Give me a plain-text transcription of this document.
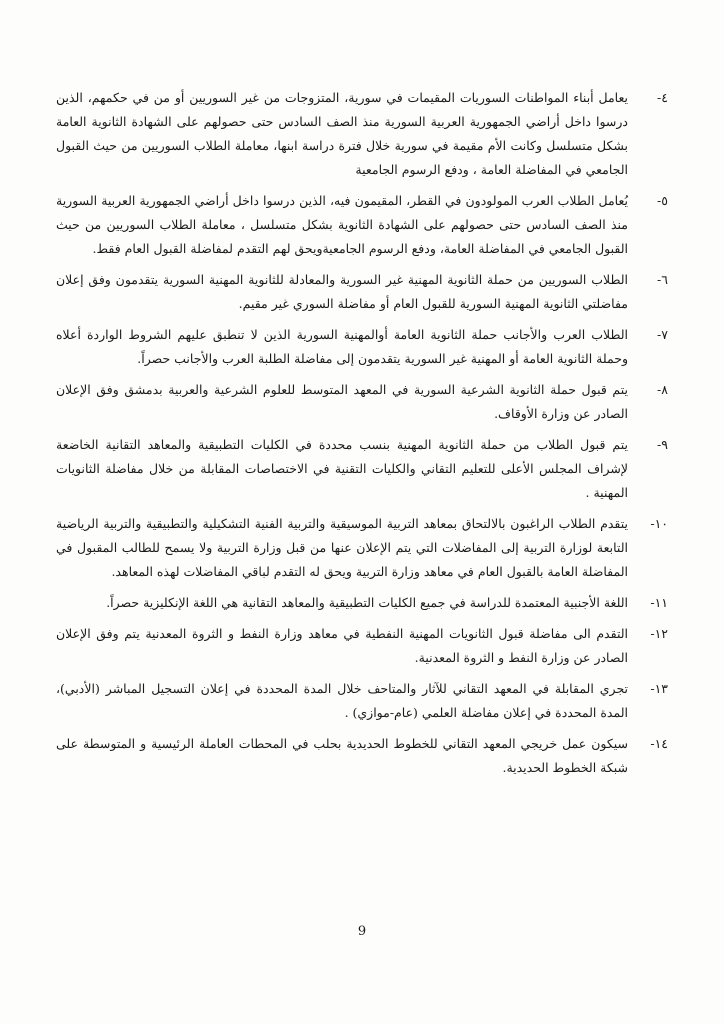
٤-

يعامل أبناء المواطنات السوريات المقيمات في سورية، المتزوجات من غير السوريين أو من في حكمهم، الذين درسوا داخل أراضي الجمهورية العربية السورية منذ الصف السادس حتى حصولهم على الشهادة الثانوية العامة بشكل متسلسل وكانت الأم مقيمة في سورية خلال فترة دراسة ابنها، معاملة الطلاب السوريين من حيث القبول الجامعي في المفاضلة العامة ، ودفع الرسوم الجامعية

٥-

يُعامل الطلاب العرب المولودون في القطر، المقيمون فيه، الذين درسوا داخل أراضي الجمهورية العربية السورية منذ الصف السادس حتى حصولهم على الشهادة الثانوية بشكل متسلسل ، معاملة الطلاب السوريين من حيث القبول الجامعي في المفاضلة العامة، ودفع الرسوم الجامعيةويحق لهم التقدم لمفاضلة القبول العام فقط.

٦-

الطلاب السوريين من حملة الثانوية المهنية غير السورية والمعادلة للثانوية المهنية السورية يتقدمون وفق إعلان مفاضلتي الثانوية المهنية السورية للقبول العام أو مفاضلة السوري غير مقيم.

٧-

الطلاب العرب والأجانب حملة الثانوية العامة أوالمهنية السورية الذين لا تنطبق عليهم الشروط الواردة أعلاه وحملة الثانوية العامة أو المهنية غير السورية يتقدمون إلى مفاضلة الطلبة العرب والأجانب حصراً.

٨-

يتم قبول حملة الثانوية الشرعية السورية في المعهد المتوسط للعلوم الشرعية والعربية بدمشق وفق الإعلان الصادر عن وزارة الأوقاف.

٩-

يتم قبول الطلاب من حملة الثانوية المهنية بنسب محددة في الكليات التطبيقية والمعاهد التقانية الخاضعة لإشراف المجلس الأعلى للتعليم التقاني والكليات التقنية في الاختصاصات المقابلة من خلال مفاضلة الثانويات المهنية .

١٠-

يتقدم الطلاب الراغبون بالالتحاق بمعاهد التربية الموسيقية والتربية الفنية التشكيلية والتطبيقية والتربية الرياضية التابعة لوزارة التربية إلى المفاضلات التي يتم الإعلان عنها من قبل وزارة التربية ولا يسمح للطالب المقبول في المفاضلة العامة بالقبول العام في معاهد وزارة التربية ويحق له التقدم لباقي المفاضلات لهذه المعاهد.

١١-

اللغة الأجنبية المعتمدة للدراسة في جميع الكليات التطبيقية والمعاهد التقانية هي اللغة الإنكليزية حصراً.

١٢-

التقدم الى مفاضلة قبول الثانويات المهنية النفطية في معاهد وزارة النفط و الثروة المعدنية يتم وفق الإعلان الصادر عن وزارة النفط و الثروة المعدنية.

١٣-

تجري المقابلة في المعهد التقاني للآثار والمتاحف خلال المدة المحددة في إعلان التسجيل المباشر (الأدبي)، المدة المحددة في إعلان مفاضلة العلمي (عام-موازي) .

١٤-

سيكون عمل خريجي المعهد التقاني للخطوط الحديدية بحلب في المحطات العاملة الرئيسية و المتوسطة على شبكة الخطوط الحديدية.

9
